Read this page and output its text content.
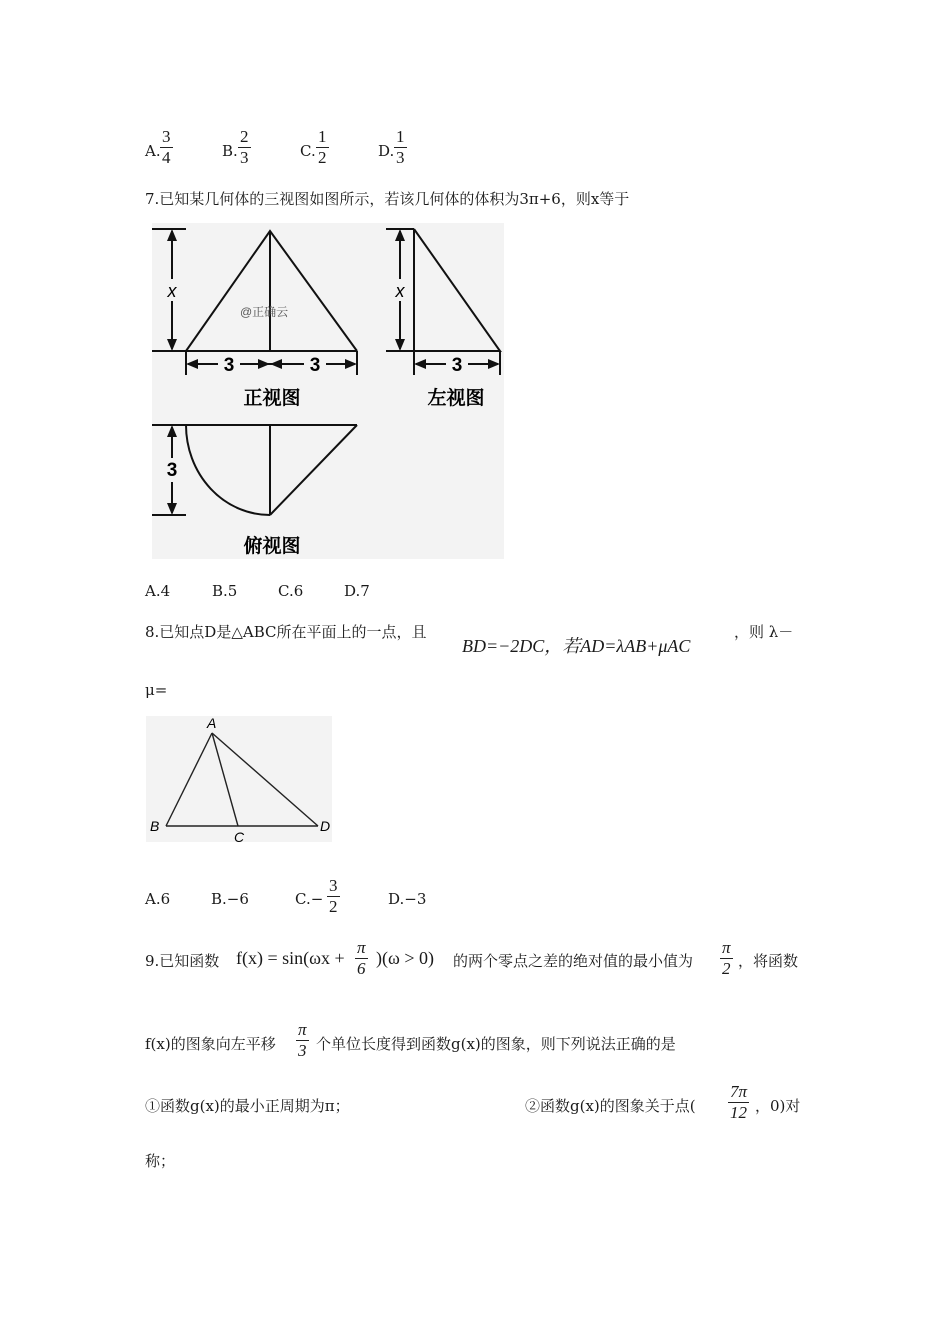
A. $\frac{3}{4}$	B. $\frac{2}{3}$	C. $\frac{1}{2}$	D. $\frac{1}{3}$
7.已知某几何体的三视图如图所示，若该几何体的体积为3π+6，则x等于
x	x
3	3	3
3
@正确云
正视图	左视图
俯视图
A.4	B.5	C.6	D.7
8.已知点D是△ABC所在平面上的一点，且
BD=−2DC，若AD=λAB+μAC
，则 λ－
μ=
A
B
C
D
A.6	B.−6	$C.- \frac{3}{2}$	D.−3
9.已知函数 $f(x) = \sin(\omega x + \frac{\pi}{6} )(\omega > 0)$ 的两个零点之差的绝对值的最小值为 $\frac{\pi}{2}$ ，将函数
f(x)的图象向左平移 $\frac{\pi}{3}$ 个单位长度得到函数g(x)的图象，则下列说法正确的是
①函数g(x)的最小正周期为π；	②函数g(x)的图象关于点( $\frac{7\pi}{12}$ ，0)对
称；
